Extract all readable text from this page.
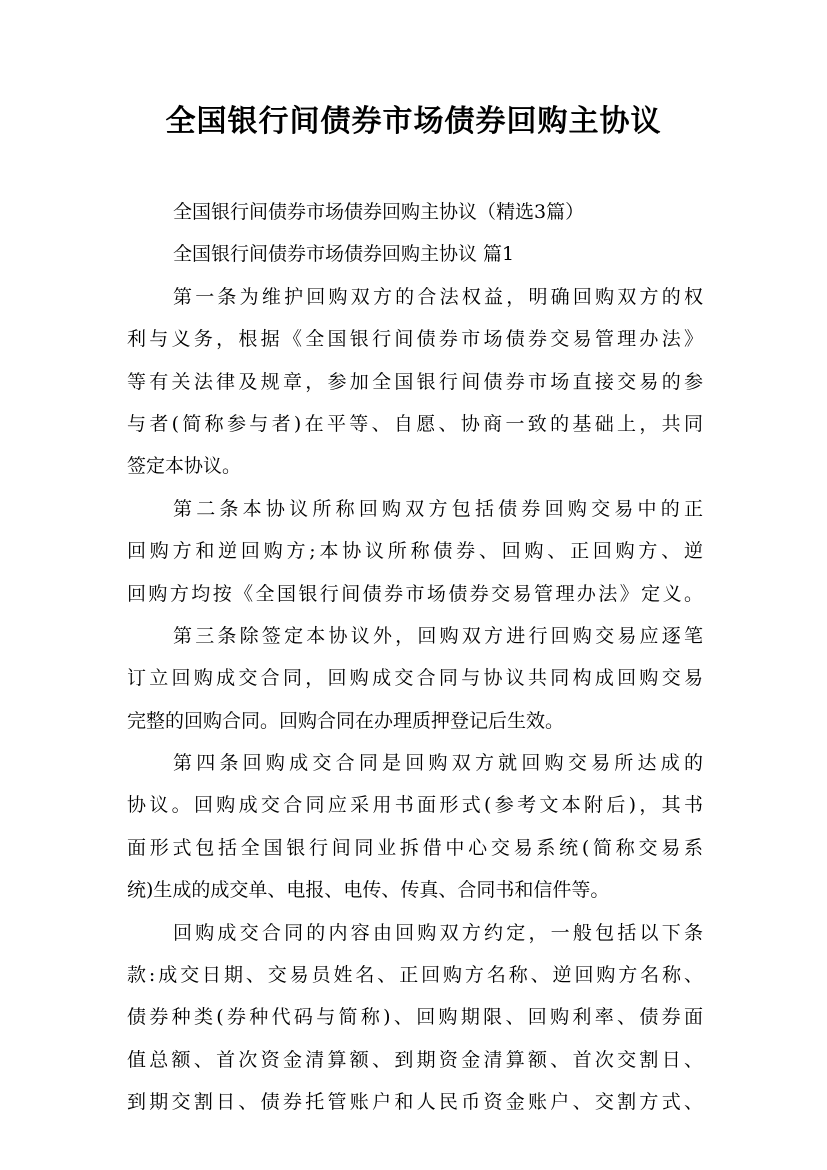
全国银行间债券市场债券回购主协议
全国银行间债券市场债券回购主协议（精选3篇）
全国银行间债券市场债券回购主协议 篇1
第一条为维护回购双方的合法权益，明确回购双方的权
利与义务，根据《全国银行间债券市场债券交易管理办法》
等有关法律及规章，参加全国银行间债券市场直接交易的参
与者(简称参与者)在平等、自愿、协商一致的基础上，共同
签定本协议。
第二条本协议所称回购双方包括债券回购交易中的正
回购方和逆回购方;本协议所称债券、回购、正回购方、逆
回购方均按《全国银行间债券市场债券交易管理办法》定义。
第三条除签定本协议外，回购双方进行回购交易应逐笔
订立回购成交合同，回购成交合同与协议共同构成回购交易
完整的回购合同。回购合同在办理质押登记后生效。
第四条回购成交合同是回购双方就回购交易所达成的
协议。回购成交合同应采用书面形式(参考文本附后)，其书
面形式包括全国银行间同业拆借中心交易系统(简称交易系
统)生成的成交单、电报、电传、传真、合同书和信件等。
回购成交合同的内容由回购双方约定，一般包括以下条
款:成交日期、交易员姓名、正回购方名称、逆回购方名称、
债券种类(券种代码与简称)、回购期限、回购利率、债券面
值总额、首次资金清算额、到期资金清算额、首次交割日、
到期交割日、债券托管账户和人民币资金账户、交割方式、
